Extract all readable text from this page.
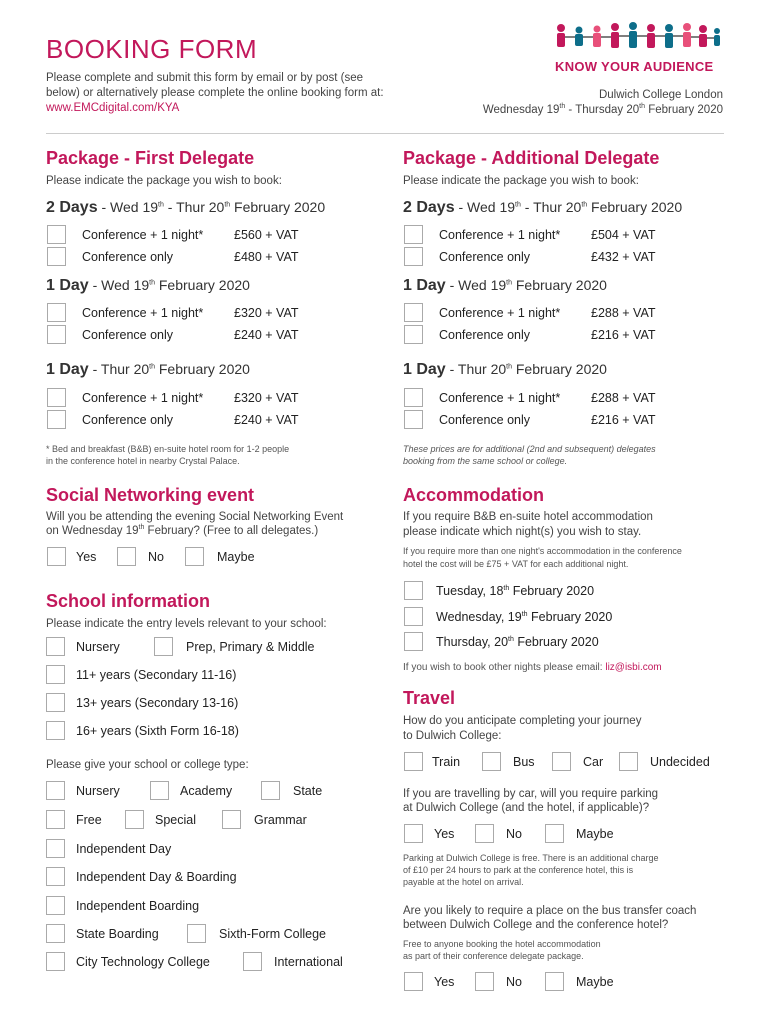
BOOKING FORM
Please complete and submit this form by email or by post (see
below) or alternatively please complete the online booking form at:
www.EMCdigital.com/KYA
KNOW YOUR AUDIENCE
Dulwich College London
Wednesday 19th - Thursday 20th February 2020
Package - First Delegate
Please indicate the package you wish to book:
2 Days - Wed 19th - Thur 20th February 2020
Conference + 1 night* £560 + VAT
Conference only	£480 + VAT
1 Day - Wed 19th February 2020
Conference + 1 night* £320 + VAT
Conference only	£240 + VAT
1 Day - Thur 20th February 2020
Conference + 1 night* £320 + VAT
Conference only	£240 + VAT
* Bed and breakfast (B&B) en-suite hotel room for 1-2 people
in the conference hotel in nearby Crystal Palace.
Package - Additional Delegate
Please indicate the package you wish to book:
2 Days - Wed 19th - Thur 20th February 2020
Conference + 1 night* £504 + VAT
Conference only	£432 + VAT
1 Day - Wed 19th February 2020
Conference + 1 night* £288 + VAT
Conference only	£216 + VAT
1 Day - Thur 20th February 2020
Conference + 1 night* £288 + VAT
Conference only	£216 + VAT
These prices are for additional (2nd and subsequent) delegates
booking from the same school or college.
Social Networking event
Will you be attending the evening Social Networking Event
on Wednesday 19th February? (Free to all delegates.)
Yes	No	Maybe
School information
Please indicate the entry levels relevant to your school:
Nursery	Prep, Primary & Middle
11+ years (Secondary 11-16)
13+ years (Secondary 13-16)
16+ years (Sixth Form 16-18)
Please give your school or college type:
Nursery	Academy	State
Free	Special	Grammar
Independent Day
Independent Day & Boarding
Independent Boarding
State Boarding	Sixth-Form College
City Technology College	International
Accommodation
If you require B&B en-suite hotel accommodation
please indicate which night(s) you wish to stay.
If you require more than one night's accommodation in the conference
hotel the cost will be £75 + VAT for each additional night.
Tuesday, 18th February 2020
Wednesday, 19th February 2020
Thursday, 20th February 2020
If you wish to book other nights please email: liz@isbi.com
Travel
How do you anticipate completing your journey
to Dulwich College:
Train	Bus	Car	Undecided
If you are travelling by car, will you require parking
at Dulwich College (and the hotel, if applicable)?
Yes	No	Maybe
Parking at Dulwich College is free. There is an additional charge
of £10 per 24 hours to park at the conference hotel, this is
payable at the hotel on arrival.
Are you likely to require a place on the bus transfer coach
between Dulwich College and the conference hotel?
Free to anyone booking the hotel accommodation
as part of their conference delegate package.
Yes	No	Maybe
